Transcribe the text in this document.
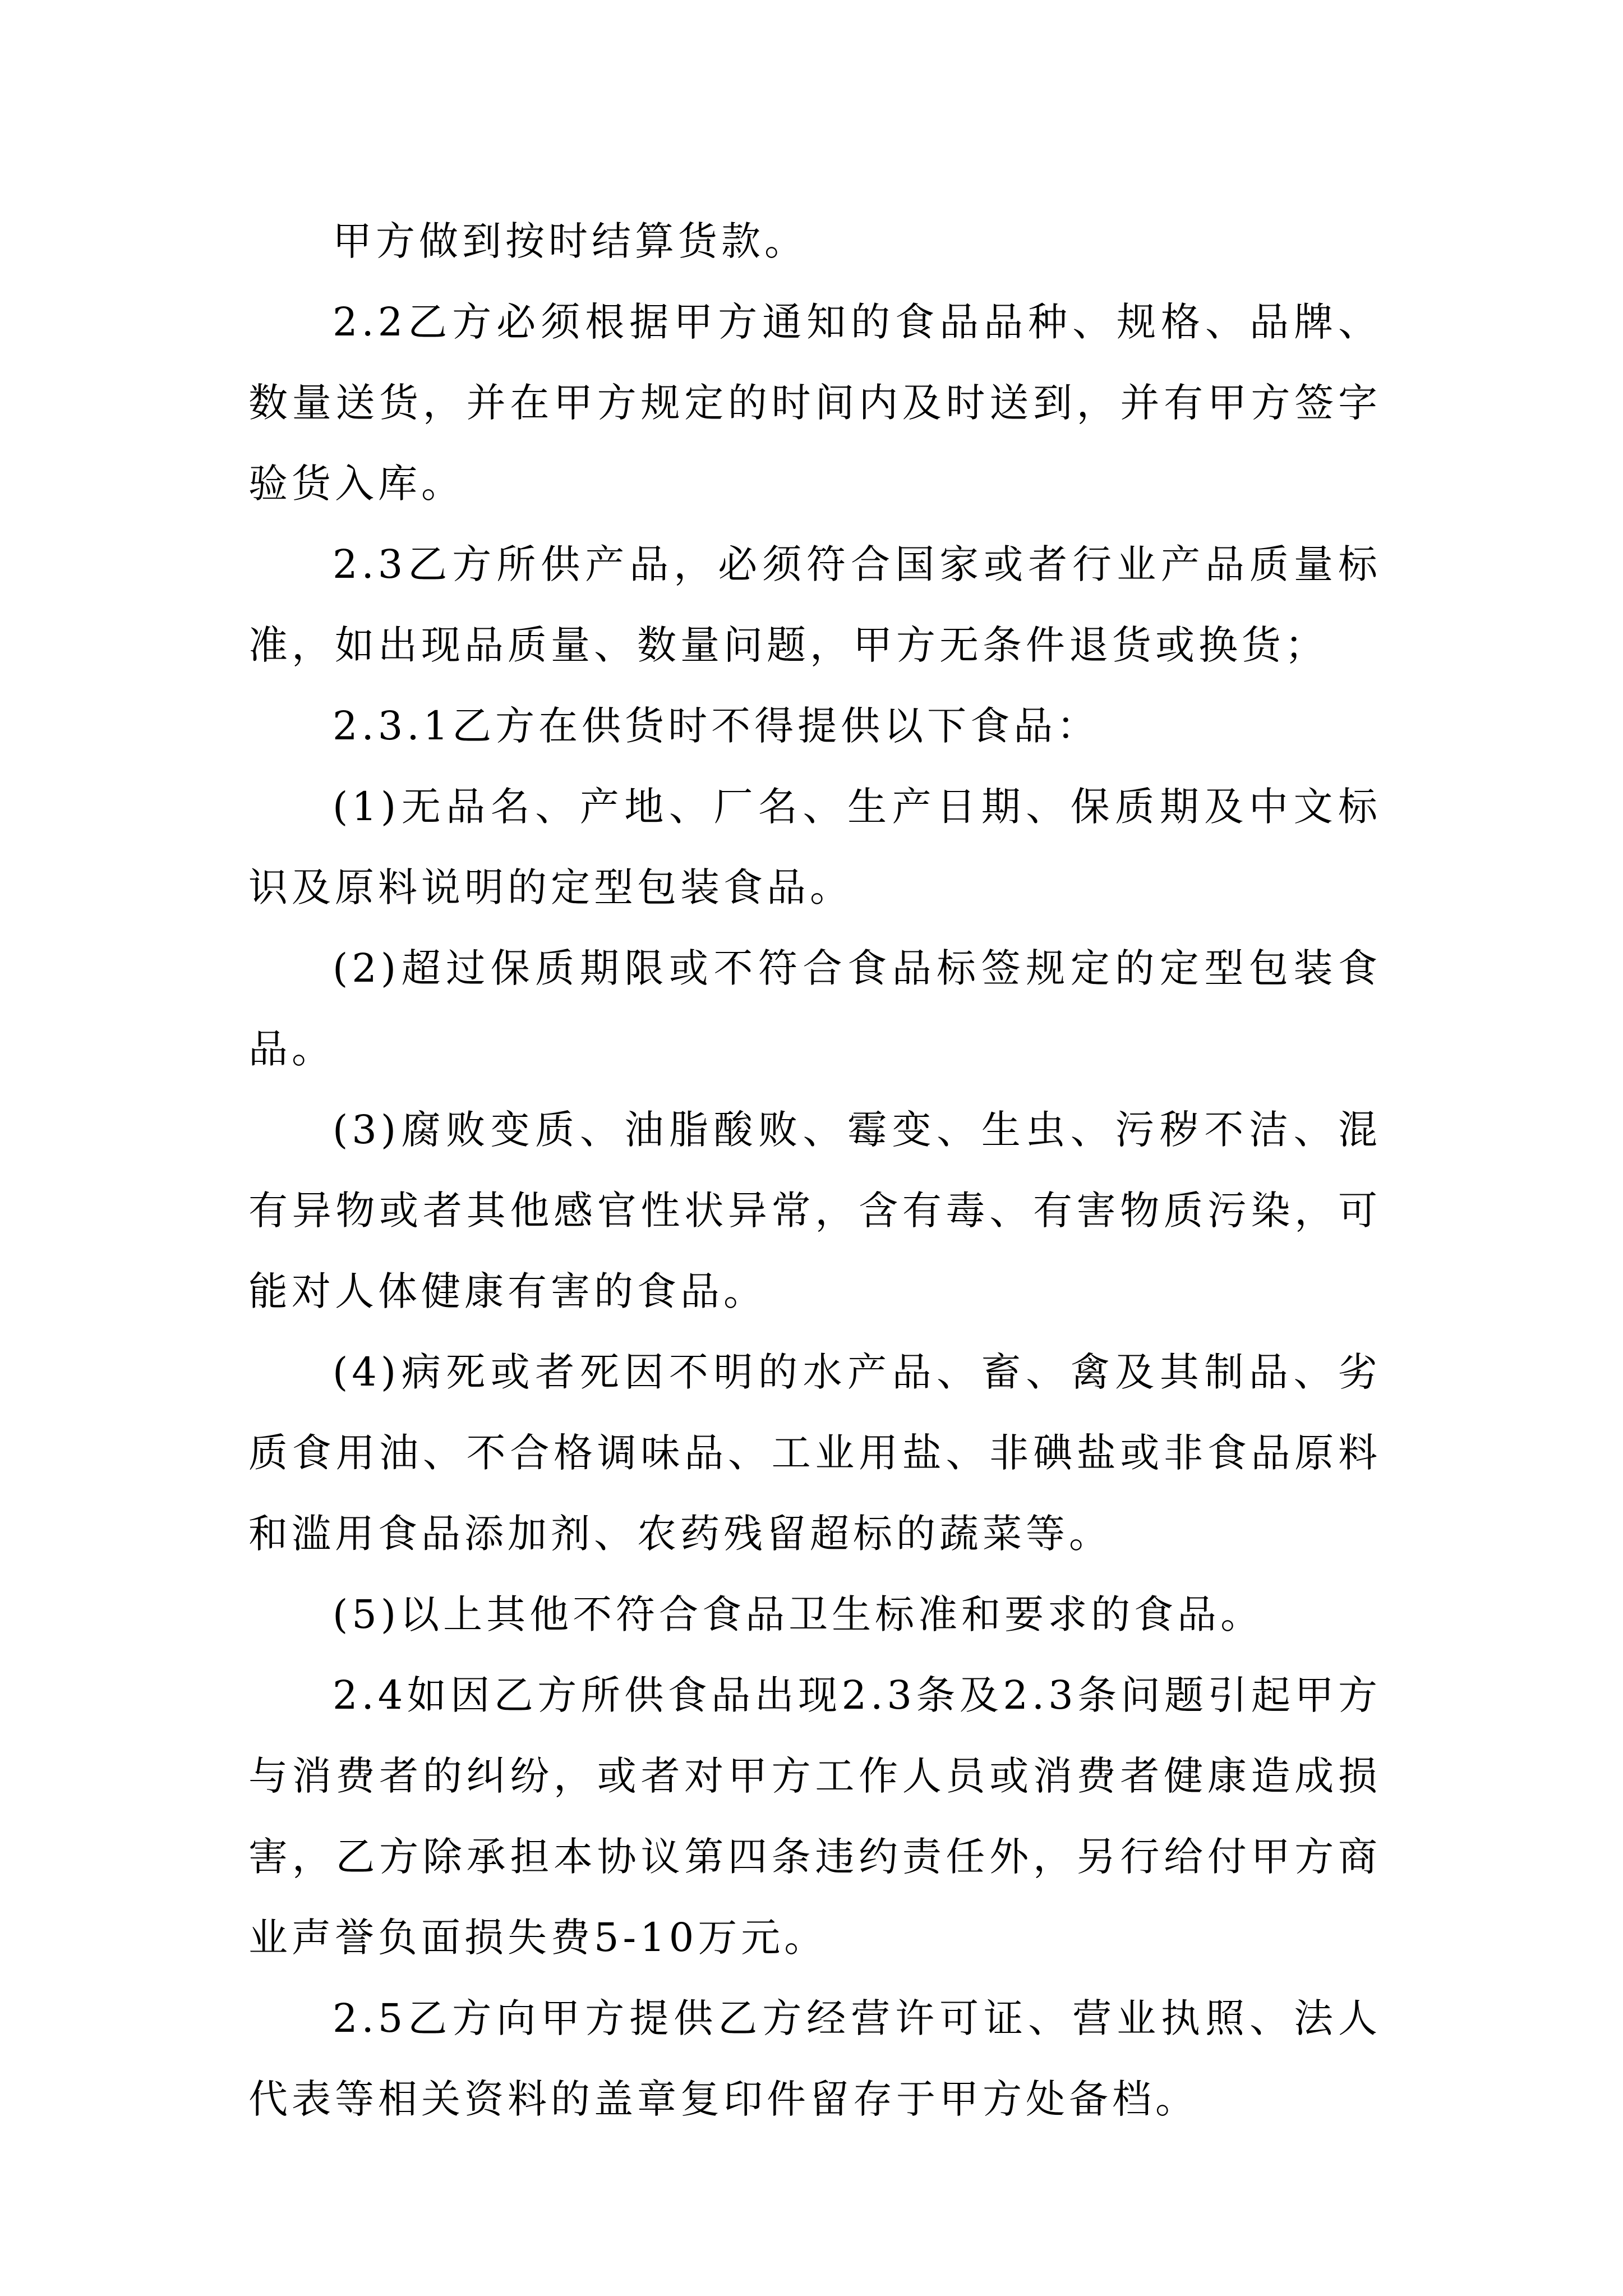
甲方做到按时结算货款。

2.2乙方必须根据甲方通知的食品品种、规格、品牌、数量送货，并在甲方规定的时间内及时送到，并有甲方签字验货入库。

2.3乙方所供产品，必须符合国家或者行业产品质量标准，如出现品质量、数量问题，甲方无条件退货或换货；

2.3.1乙方在供货时不得提供以下食品：

(1)无品名、产地、厂名、生产日期、保质期及中文标识及原料说明的定型包装食品。

(2)超过保质期限或不符合食品标签规定的定型包装食品。

(3)腐败变质、油脂酸败、霉变、生虫、污秽不洁、混有异物或者其他感官性状异常，含有毒、有害物质污染，可能对人体健康有害的食品。

(4)病死或者死因不明的水产品、畜、禽及其制品、劣质食用油、不合格调味品、工业用盐、非碘盐或非食品原料和滥用食品添加剂、农药残留超标的蔬菜等。

(5)以上其他不符合食品卫生标准和要求的食品。

2.4如因乙方所供食品出现2.3条及2.3条问题引起甲方与消费者的纠纷，或者对甲方工作人员或消费者健康造成损害，乙方除承担本协议第四条违约责任外，另行给付甲方商业声誉负面损失费5-10万元。

2.5乙方向甲方提供乙方经营许可证、营业执照、法人代表等相关资料的盖章复印件留存于甲方处备档。
